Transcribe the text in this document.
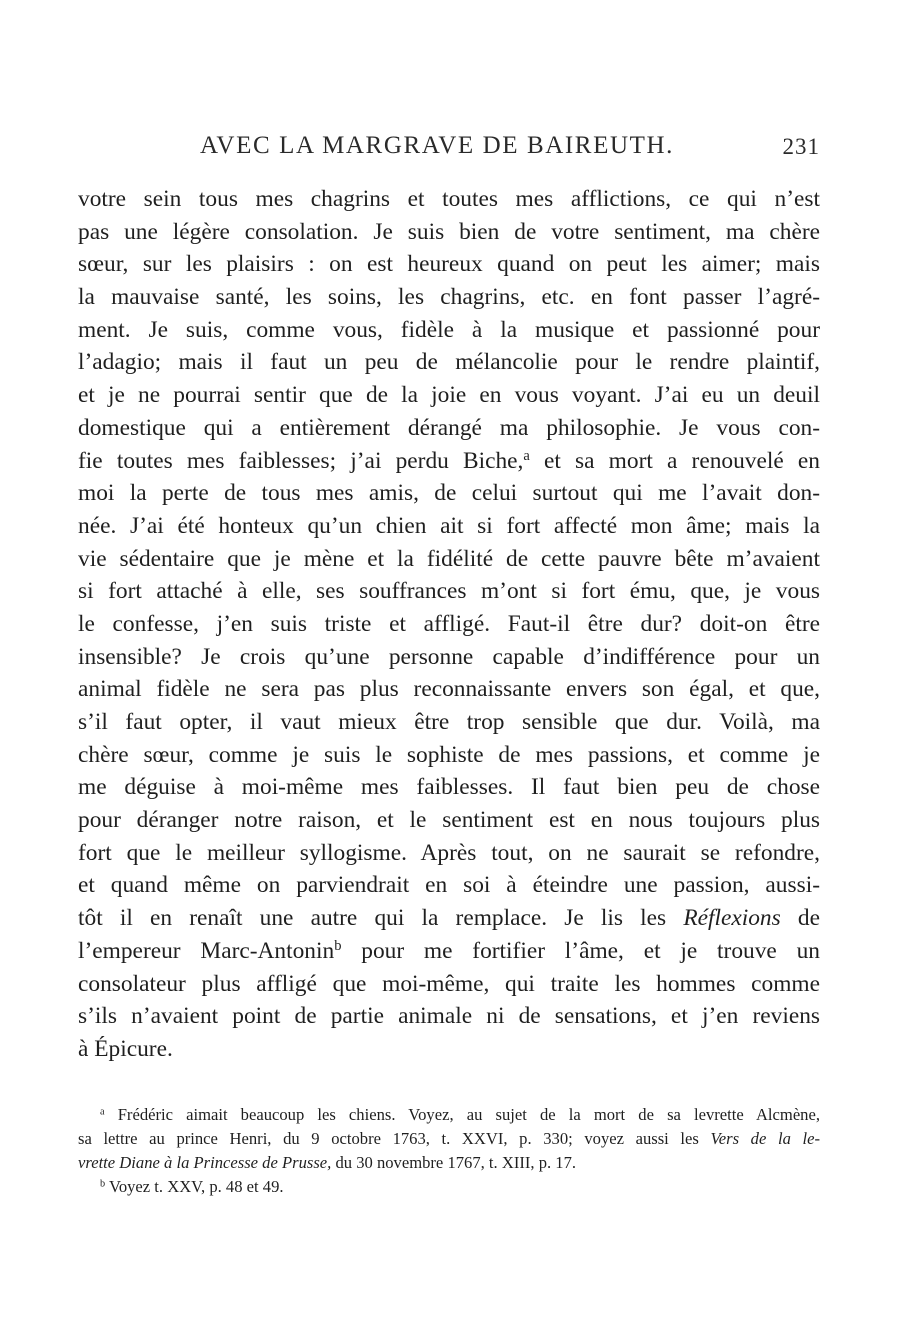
AVEC LA MARGRAVE DE BAIREUTH.	231
votre sein tous mes chagrins et toutes mes afflictions, ce qui n’est
pas une légère consolation. Je suis bien de votre sentiment, ma chère
sœur, sur les plaisirs : on est heureux quand on peut les aimer; mais
la mauvaise santé, les soins, les chagrins, etc. en font passer l’agré-
ment. Je suis, comme vous, fidèle à la musique et passionné pour
l’adagio; mais il faut un peu de mélancolie pour le rendre plaintif,
et je ne pourrai sentir que de la joie en vous voyant. J’ai eu un deuil
domestique qui a entièrement dérangé ma philosophie. Je vous con-
fie toutes mes faiblesses; j’ai perdu Biche,$^a$ et sa mort a renouvelé en
moi la perte de tous mes amis, de celui surtout qui me l’avait don-
née. J’ai été honteux qu’un chien ait si fort affecté mon âme; mais la
vie sédentaire que je mène et la fidélité de cette pauvre bête m’avaient
si fort attaché à elle, ses souffrances m’ont si fort ému, que, je vous
le confesse, j’en suis triste et affligé. Faut-il être dur? doit-on être
insensible? Je crois qu’une personne capable d’indifférence pour un
animal fidèle ne sera pas plus reconnaissante envers son égal, et que,
s’il faut opter, il vaut mieux être trop sensible que dur. Voilà, ma
chère sœur, comme je suis le sophiste de mes passions, et comme je
me déguise à moi-même mes faiblesses. Il faut bien peu de chose
pour déranger notre raison, et le sentiment est en nous toujours plus
fort que le meilleur syllogisme. Après tout, on ne saurait se refondre,
et quand même on parviendrait en soi à éteindre une passion, aussi-
tôt il en renaît une autre qui la remplace. Je lis les Réflexions de
l’empereur Marc-Antonin$^b$ pour me fortifier l’âme, et je trouve un
consolateur plus affligé que moi-même, qui traite les hommes comme
s’ils n’avaient point de partie animale ni de sensations, et j’en reviens
à Épicure.
$^a$ Frédéric aimait beaucoup les chiens. Voyez, au sujet de la mort de sa levrette Alcmène,
sa lettre au prince Henri, du 9 octobre 1763, t. XXVI, p. 330; voyez aussi les Vers de la le-
vrette Diane à la Princesse de Prusse, du 30 novembre 1767, t. XIII, p. 17.
$^b$ Voyez t. XXV, p. 48 et 49.
